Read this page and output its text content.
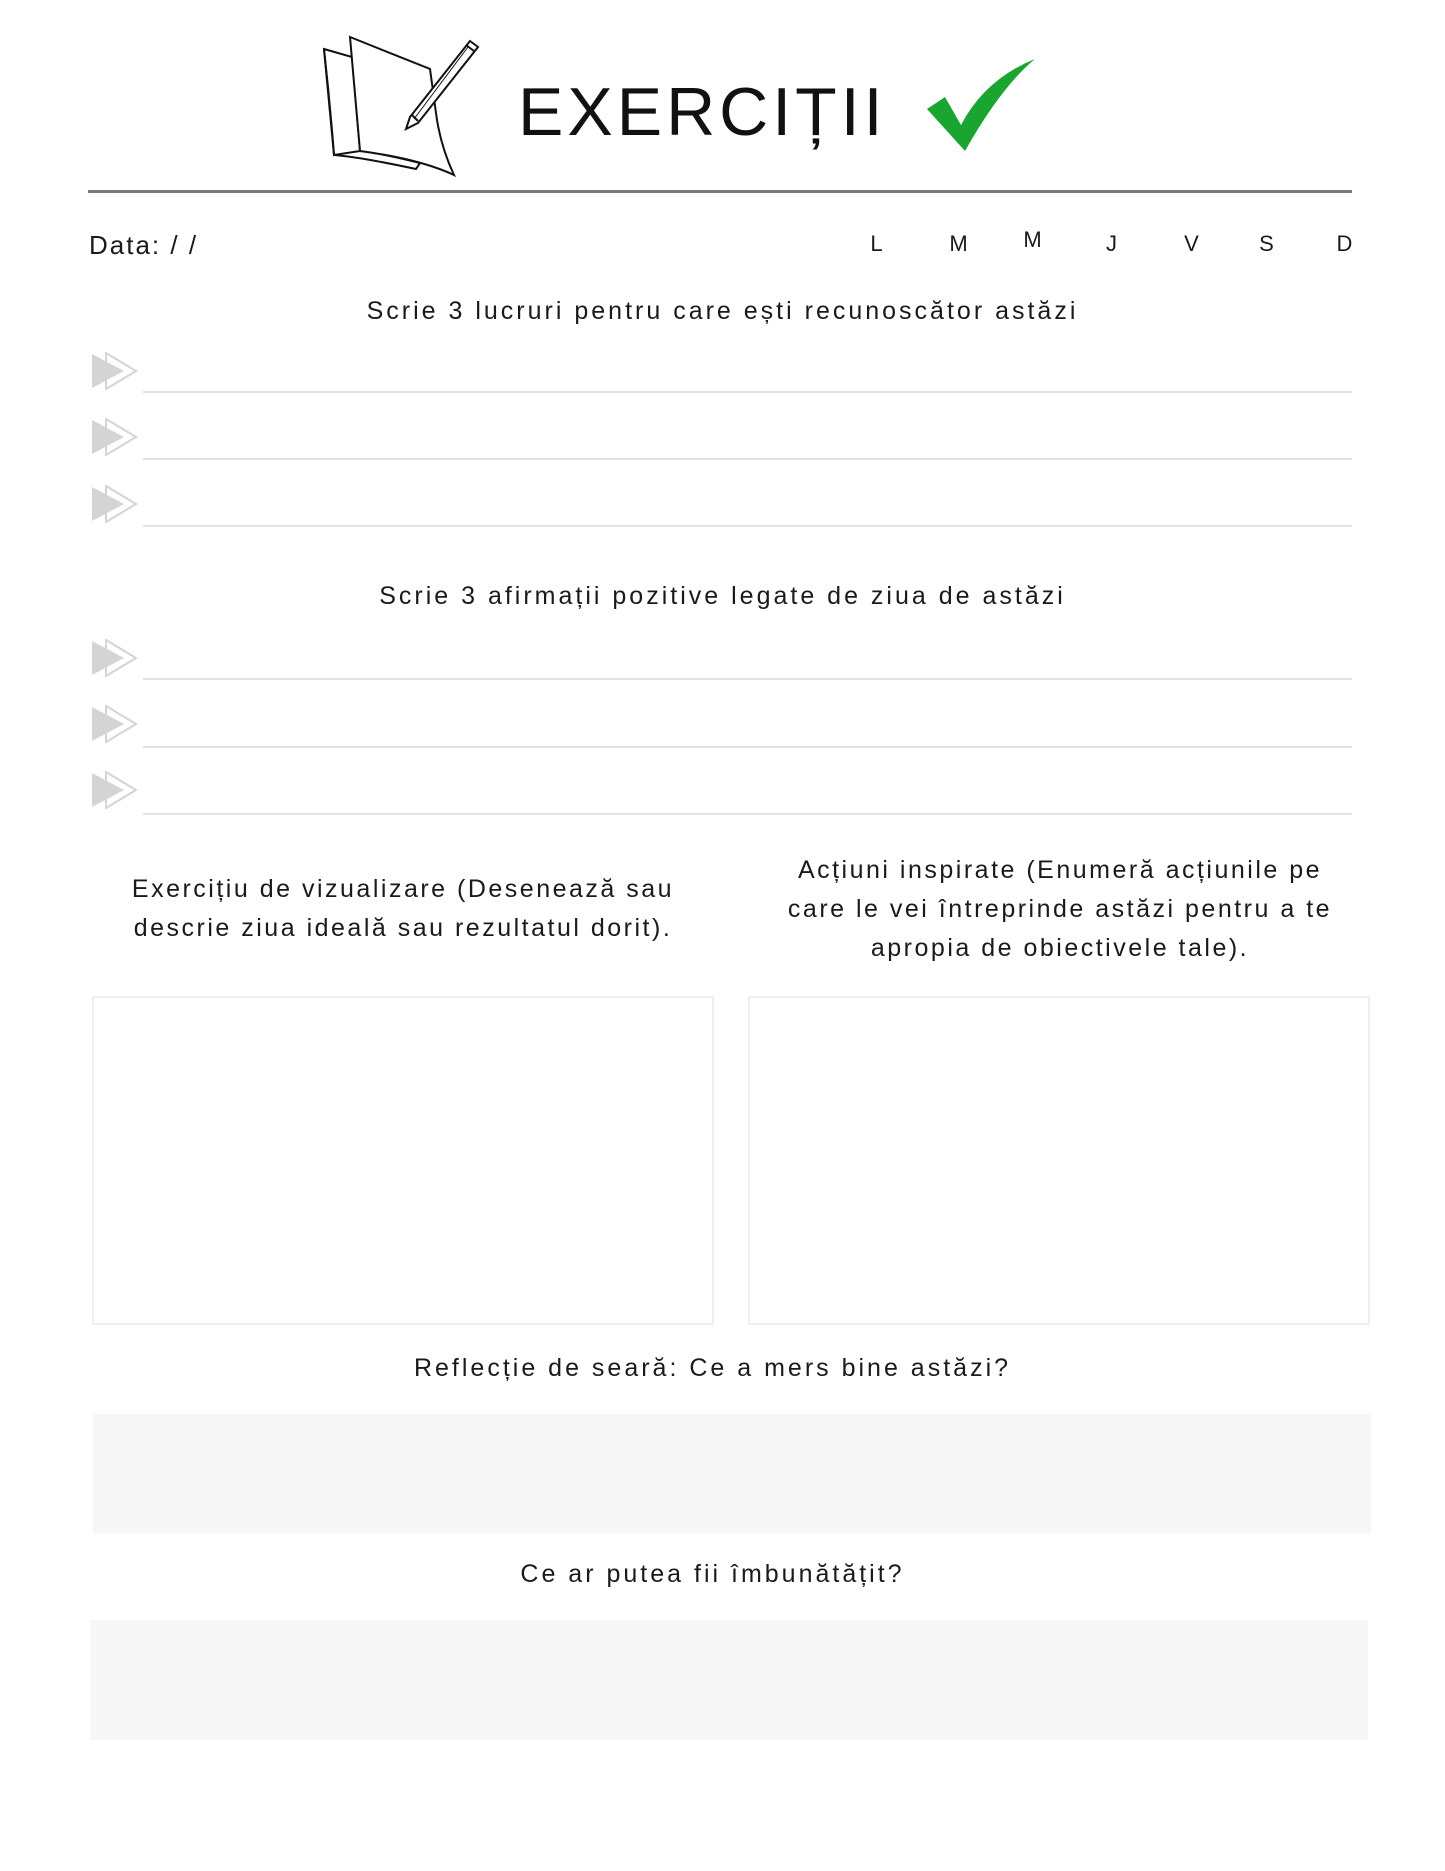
EXERCIȚII
Data: / /	L	M M	J	V	S	D
Scrie 3 lucruri pentru care ești recunoscător astăzi
Scrie 3 afirmații pozitive legate de ziua de astăzi
Exercițiu de vizualizare (Desenează sau
descrie ziua ideală sau rezultatul dorit).
Acțiuni inspirate (Enumeră acțiunile pe
care le vei întreprinde astăzi pentru a te
apropia de obiectivele tale).
Reflecție de seară: Ce a mers bine astăzi?
Ce ar putea fii îmbunătățit?
